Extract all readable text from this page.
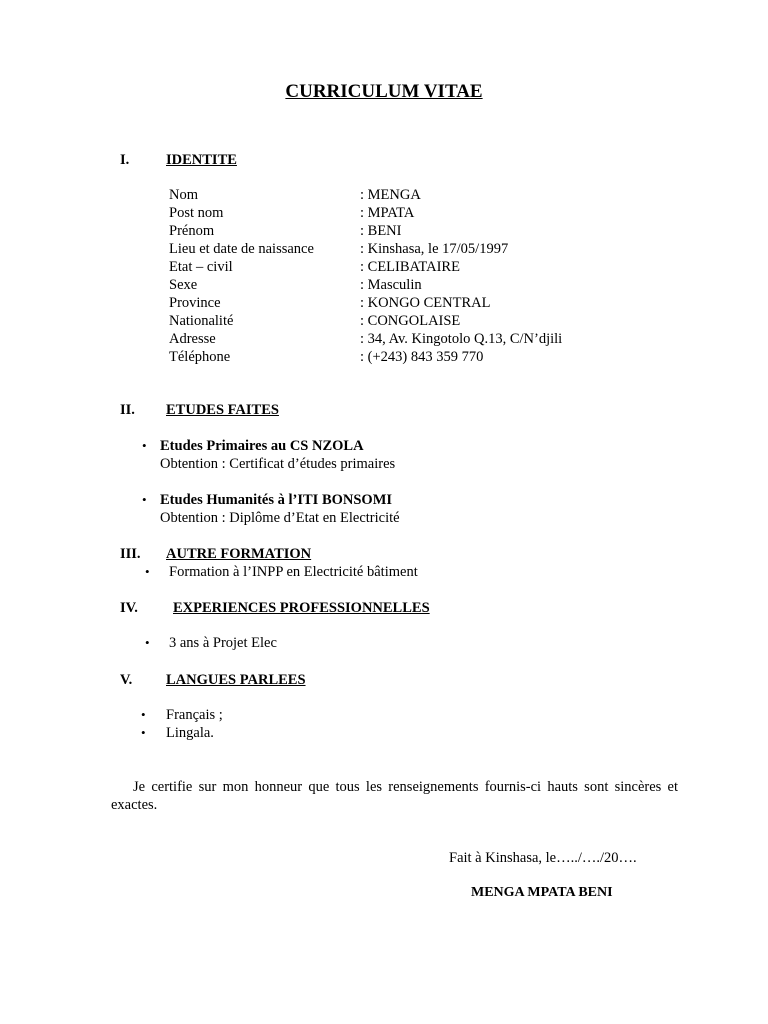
CURRICULUM VITAE
I.	IDENTITE
Nom	: MENGA
Post nom	: MPATA
Prénom	: BENI
Lieu et date de naissance	: Kinshasa, le 17/05/1997
Etat – civil	: CELIBATAIRE
Sexe	: Masculin
Province	: KONGO CENTRAL
Nationalité	: CONGOLAISE
Adresse	: 34, Av. Kingotolo Q.13, C/N’djili
Téléphone	: (+243) 843 359 770
II. ETUDES FAITES
• Etudes Primaires au CS NZOLA
Obtention : Certificat d’études primaires
• Etudes Humanités à l’ITI BONSOMI
Obtention : Diplôme d’Etat en Electricité
III. AUTRE FORMATION
• Formation à l’INPP en Electricité bâtiment
IV. EXPERIENCES PROFESSIONNELLES
• 3 ans à Projet Elec
V. LANGUES PARLEES
• Français ;
• Lingala.
Je certifie sur mon honneur que tous les renseignements fournis-ci hauts sont sincères et exactes.
Fait à Kinshasa, le…../…./20….
MENGA MPATA BENI
